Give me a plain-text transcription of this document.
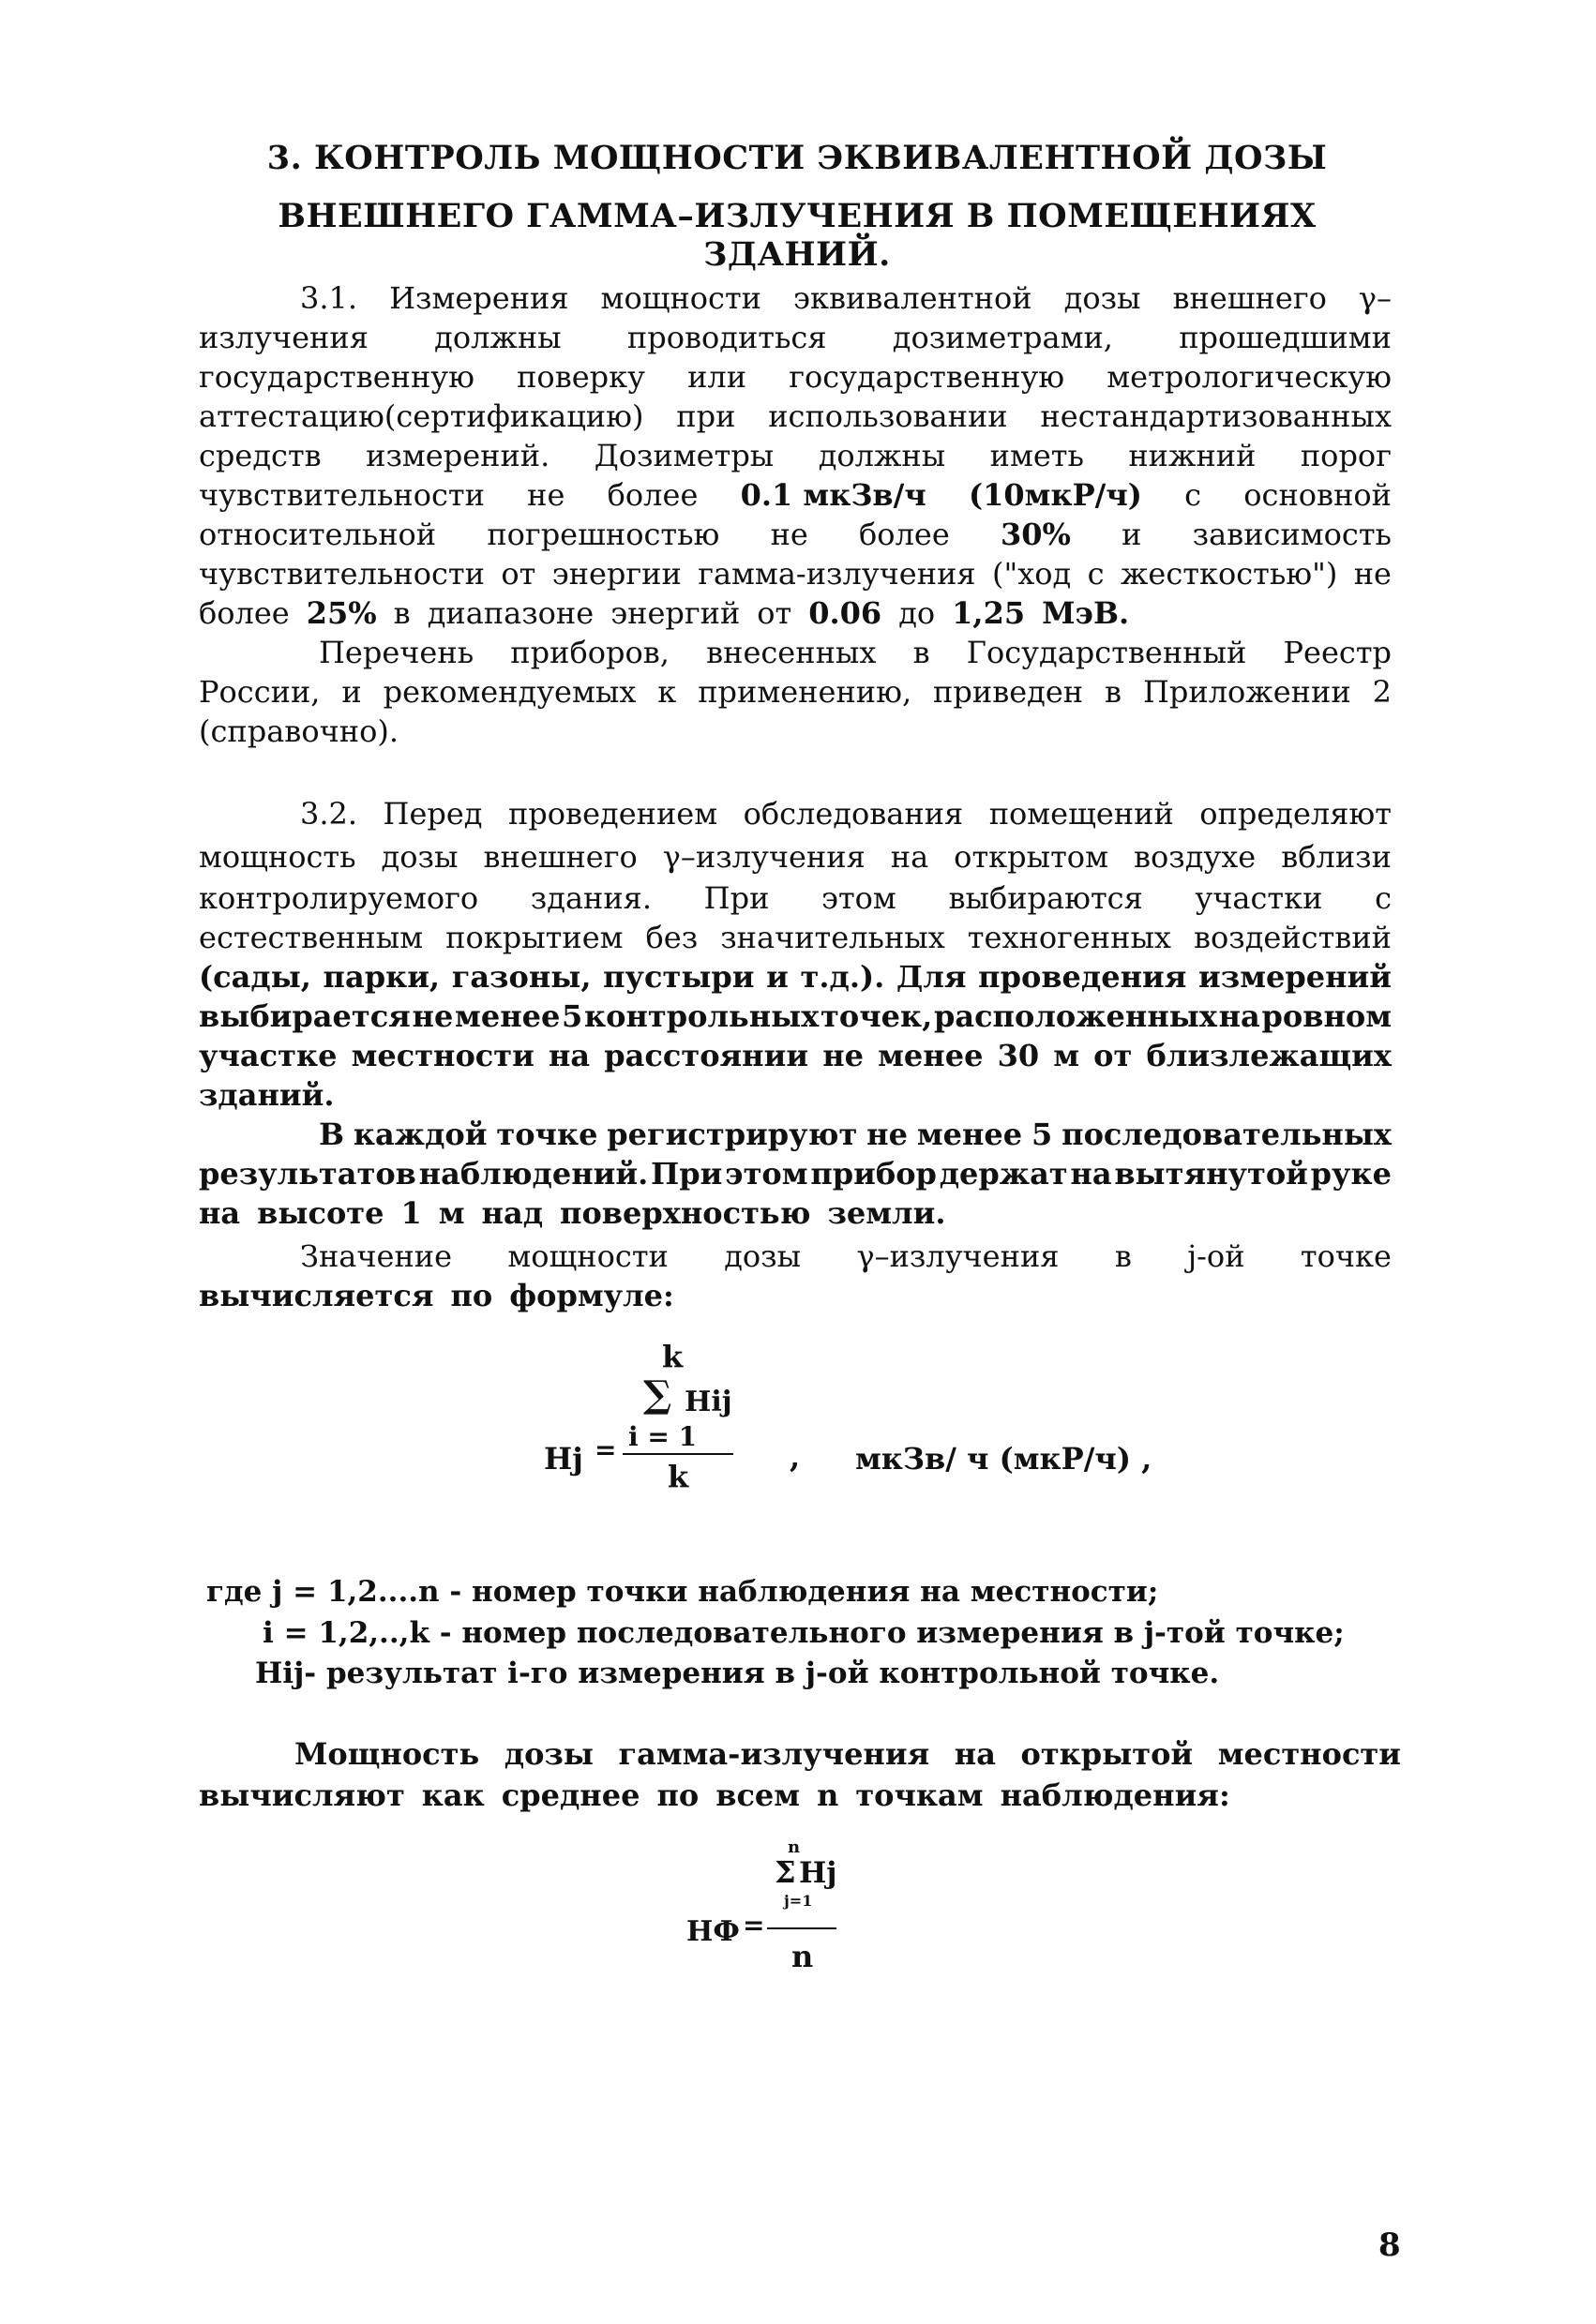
3. КОНТРОЛЬ МОЩНОСТИ ЭКВИВАЛЕНТНОЙ ДОЗЫ
ВНЕШНЕГО ГАММА–ИЗЛУЧЕНИЯ В ПОМЕЩЕНИЯХ ЗДАНИЙ.
3.1. Измерения мощности эквивалентной дозы внешнего γ–
излучения должны проводиться дозиметрами, прошедшими
государственную поверку или государственную метрологическую
аттестацию(сертификацию) при использовании нестандартизованных
средств измерений. Дозиметры должны иметь нижний порог
чувствительности не более 0.1 мкЗв/ч (10мкР/ч) с основной
относительной погрешностью не более 30% и зависимость
чувствительности от энергии гамма-излучения ("ход с жесткостью") не
более 25% в диапазоне энергий от 0.06 до 1,25 МэВ.
Перечень приборов, внесенных в Государственный Реестр
России, и рекомендуемых к применению, приведен в Приложении 2
(справочно).
3.2. Перед проведением обследования помещений определяют
мощность дозы внешнего γ–излучения на открытом воздухе вблизи
контролируемого здания. При этом выбираются участки с
естественным покрытием без значительных техногенных воздействий
(сады, парки, газоны, пустыри и т.д.). Для проведения измерений
выбирается не менее 5 контрольных точек, расположенных на ровном
участке местности на расстоянии не менее 30 м от близлежащих
зданий.
В каждой точке регистрируют не менее 5 последовательных
результатов наблюдений. При этом прибор держат на вытянутой руке
на высоте 1 м над поверхностью земли.
Значение мощности дозы γ–излучения в j-ой точке
вычисляется по формуле:
k
∑ Hij
Hj = i = 1
k
, мкЗв/ ч (мкР/ч) ,
где j = 1,2....n - номер точки наблюдения на местности;
i = 1,2,..,k - номер последовательного измерения в j-той точке;
Hij- результат i-го измерения в j-ой контрольной точке.
Мощность дозы гамма-излучения на открытой местности
вычисляют как среднее по всем n точкам наблюдения:
n
Σ Hj
HФ =
j=1
n
8
